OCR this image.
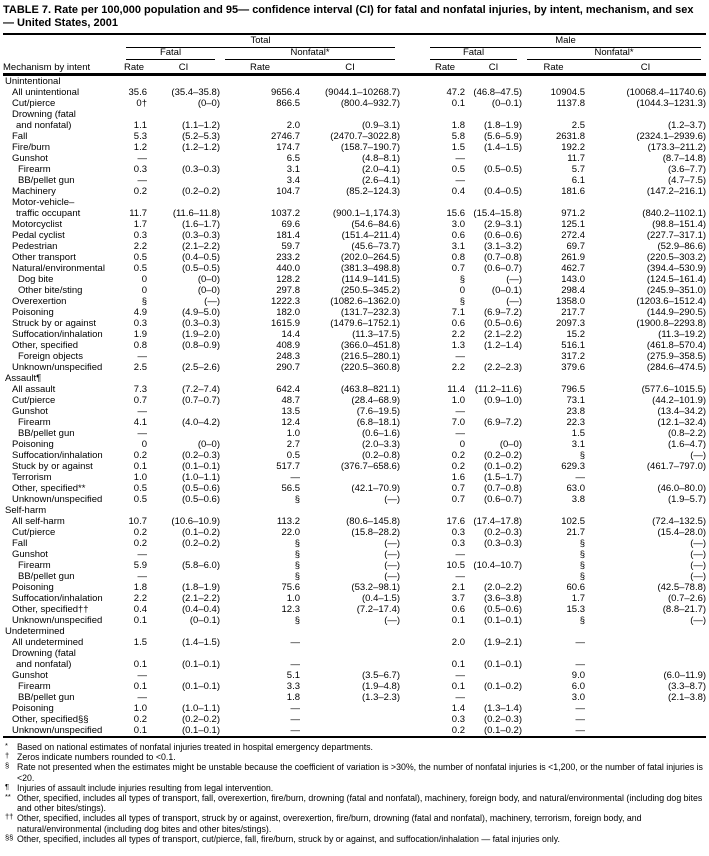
TABLE 7. Rate per 100,000 population and 95— confidence interval (CI) for fatal and nonfatal injuries, by intent, mechanism, and sex — United States, 2001

	Total					Male			

	Fatal		Nonfatal*			Fatal		Nonfatal*	

Mechanism by intent	Rate	CI	Rate	CI		Rate	CI	Rate	CI
Unintentional									
All unintentional	35.6	(35.4–35.8)	9656.4	(9044.1–10268.7)		47.2	(46.8–47.5)	10904.5	(10068.4–11740.6)
Cut/pierce	0†	(0–0)	866.5	(800.4–932.7)		0.1	(0–0.1)	1137.8	(1044.3–1231.3)
Drowning (fatal									
and nonfatal)	1.1	(1.1–1.2)	2.0	(0.9–3.1)		1.8	(1.8–1.9)	2.5	(1.2–3.7)
Fall	5.3	(5.2–5.3)	2746.7	(2470.7–3022.8)		5.8	(5.6–5.9)	2631.8	(2324.1–2939.6)
Fire/burn	1.2	(1.2–1.2)	174.7	(158.7–190.7)		1.5	(1.4–1.5)	192.2	(173.3–211.2)
Gunshot	—		6.5	(4.8–8.1)		—		11.7	(8.7–14.8)
Firearm	0.3	(0.3–0.3)	3.1	(2.0–4.1)		0.5	(0.5–0.5)	5.7	(3.6–7.7)
BB/pellet gun	—		3.4	(2.6–4.1)		—		6.1	(4.7–7.5)
Machinery	0.2	(0.2–0.2)	104.7	(85.2–124.3)		0.4	(0.4–0.5)	181.6	(147.2–216.1)
Motor-vehicle–									
traffic occupant	11.7	(11.6–11.8)	1037.2	(900.1–1,174.3)		15.6	(15.4–15.8)	971.2	(840.2–1102.1)
Motorcyclist	1.7	(1.6–1.7)	69.6	(54.6–84.6)		3.0	(2.9–3.1)	125.1	(98.8–151.4)
Pedal cyclist	0.3	(0.3–0.3)	181.4	(151.4–211.4)		0.6	(0.6–0.6)	272.4	(227.7–317.1)
Pedestrian	2.2	(2.1–2.2)	59.7	(45.6–73.7)		3.1	(3.1–3.2)	69.7	(52.9–86.6)
Other transport	0.5	(0.4–0.5)	233.2	(202.0–264.5)		0.8	(0.7–0.8)	261.9	(220.5–303.2)
Natural/environmental	0.5	(0.5–0.5)	440.0	(381.3–498.8)		0.7	(0.6–0.7)	462.7	(394.4–530.9)
Dog bite	0	(0–0)	128.2	(114.9–141.5)		§	(—)	143.0	(124.5–161.4)
Other bite/sting	0	(0–0)	297.8	(250.5–345.2)		0	(0–0.1)	298.4	(245.9–351.0)
Overexertion	§	(—)	1222.3	(1082.6–1362.0)		§	(—)	1358.0	(1203.6–1512.4)
Poisoning	4.9	(4.9–5.0)	182.0	(131.7–232.3)		7.1	(6.9–7.2)	217.7	(144.9–290.5)
Struck by or against	0.3	(0.3–0.3)	1615.9	(1479.6–1752.1)		0.6	(0.5–0.6)	2097.3	(1900.8–2293.8)
Suffocation/inhalation	1.9	(1.9–2.0)	14.4	(11.3–17.5)		2.2	(2.1–2.2)	15.2	(11.3–19.2)
Other, specified	0.8	(0.8–0.9)	408.9	(366.0–451.8)		1.3	(1.2–1.4)	516.1	(461.8–570.4)
Foreign objects	—		248.3	(216.5–280.1)		—		317.2	(275.9–358.5)
Unknown/unspecified	2.5	(2.5–2.6)	290.7	(220.5–360.8)		2.2	(2.2–2.3)	379.6	(284.6–474.5)
Assault¶									
All assault	7.3	(7.2–7.4)	642.4	(463.8–821.1)		11.4	(11.2–11.6)	796.5	(577.6–1015.5)
Cut/pierce	0.7	(0.7–0.7)	48.7	(28.4–68.9)		1.0	(0.9–1.0)	73.1	(44.2–101.9)
Gunshot	—		13.5	(7.6–19.5)		—		23.8	(13.4–34.2)
Firearm	4.1	(4.0–4.2)	12.4	(6.8–18.1)		7.0	(6.9–7.2)	22.3	(12.1–32.4)
BB/pellet gun	—		1.0	(0.6–1.6)		—		1.5	(0.8–2.2)
Poisoning	0	(0–0)	2.7	(2.0–3.3)		0	(0–0)	3.1	(1.6–4.7)
Suffocation/inhalation	0.2	(0.2–0.3)	0.5	(0.2–0.8)		0.2	(0.2–0.2)	§	(—)
Stuck by or against	0.1	(0.1–0.1)	517.7	(376.7–658.6)		0.2	(0.1–0.2)	629.3	(461.7–797.0)
Terrorism	1.0	(1.0–1.1)	—			1.6	(1.5–1.7)	—	
Other, specified**	0.5	(0.5–0.6)	56.5	(42.1–70.9)		0.7	(0.7–0.8)	63.0	(46.0–80.0)
Unknown/unspecified	0.5	(0.5–0.6)	§	(—)		0.7	(0.6–0.7)	3.8	(1.9–5.7)
Self-harm									
All self-harm	10.7	(10.6–10.9)	113.2	(80.6–145.8)		17.6	(17.4–17.8)	102.5	(72.4–132.5)
Cut/pierce	0.2	(0.1–0.2)	22.0	(15.8–28.2)		0.3	(0.2–0.3)	21.7	(15.4–28.0)
Fall	0.2	(0.2–0.2)	§	(—)		0.3	(0.3–0.3)	§	(—)
Gunshot	—		§	(—)		—		§	(—)
Firearm	5.9	(5.8–6.0)	§	(—)		10.5	(10.4–10.7)	§	(—)
BB/pellet gun	—		§	(—)		—		§	(—)
Poisoning	1.8	(1.8–1.9)	75.6	(53.2–98.1)		2.1	(2.0–2.2)	60.6	(42.5–78.8)
Suffocation/inhalation	2.2	(2.1–2.2)	1.0	(0.4–1.5)		3.7	(3.6–3.8)	1.7	(0.7–2.6)
Other, specified††	0.4	(0.4–0.4)	12.3	(7.2–17.4)		0.6	(0.5–0.6)	15.3	(8.8–21.7)
Unknown/unspecified	0.1	(0–0.1)	§	(—)		0.1	(0.1–0.1)	§	(—)
Undetermined									
All undetermined	1.5	(1.4–1.5)	—			2.0	(1.9–2.1)	—	
Drowning (fatal									
and nonfatal)	0.1	(0.1–0.1)	—			0.1	(0.1–0.1)	—	
Gunshot	—		5.1	(3.5–6.7)		—		9.0	(6.0–11.9)
Firearm	0.1	(0.1–0.1)	3.3	(1.9–4.8)		0.1	(0.1–0.2)	6.0	(3.3–8.7)
BB/pellet gun	—		1.8	(1.3–2.3)		—		3.0	(2.1–3.8)
Poisoning	1.0	(1.0–1.1)	—			1.4	(1.3–1.4)	—	
Other, specified§§	0.2	(0.2–0.2)	—			0.3	(0.2–0.3)	—	
Unknown/unspecified	0.1	(0.1–0.1)	—			0.2	(0.1–0.2)	—	
* Based on national estimates of nonfatal injuries treated in hospital emergency departments.
† Zeros indicate numbers rounded to <0.1.
§ Rate not presented when the estimates might be unstable because the coefficient of variation is >30%, the number of nonfatal injuries is <1,200, or the number of fatal injuries is <20.
¶ Injuries of assault include injuries resulting from legal intervention.
** Other, specified, includes all types of transport, fall, overexertion, fire/burn, drowning (fatal and nonfatal), machinery, foreign body, and natural/environmental (including dog bites and other bites/stings).
†† Other, specified, includes all types of transport, struck by or against, overexertion, fire/burn, drowning (fatal and nonfatal), machinery, terrorism, foreign body, and natural/environmental (including dog bites and other bites/stings).
§§ Other, specified, includes all types of transport, cut/pierce, fall, fire/burn, struck by or against, and suffocation/inhalation — fatal injuries only.
